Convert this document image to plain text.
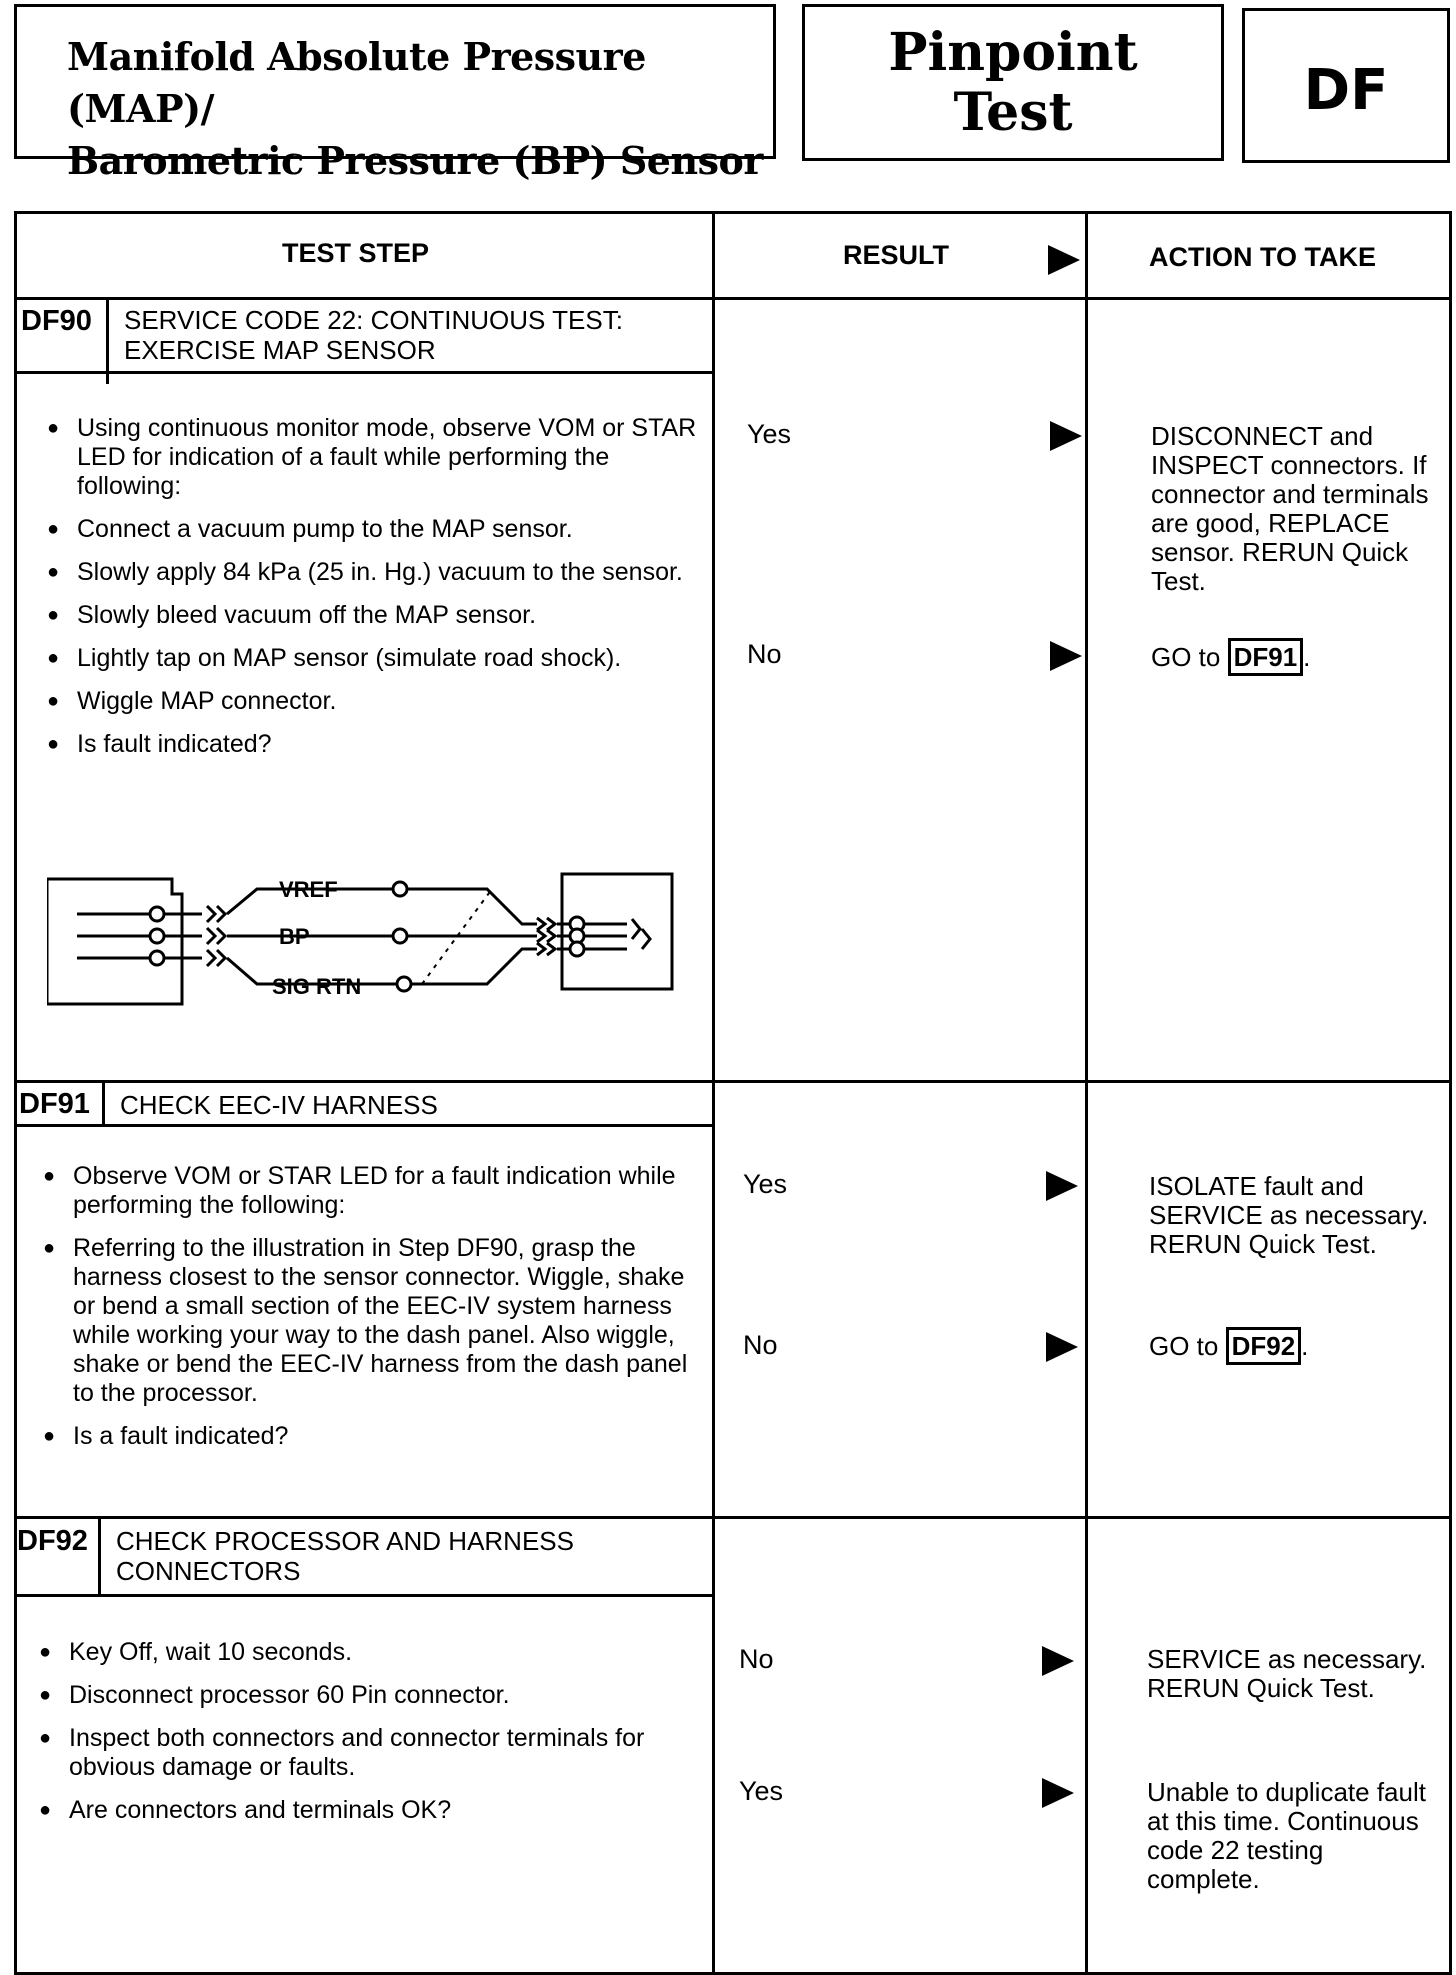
Manifold Absolute Pressure (MAP)/
Barometric Pressure (BP) Sensor
Pinpoint
Test	DF
TEST STEP	RESULT	ACTION TO TAKE
DF90 SERVICE CODE 22: CONTINUOUS TEST:
EXERCISE MAP SENSOR
● Using continuous monitor mode, observe VOM or STAR LED for indication of a fault while performing the following:
● Connect a vacuum pump to the MAP sensor.
● Slowly apply 84 kPa (25 in. Hg.) vacuum to the sensor.
● Slowly bleed vacuum off the MAP sensor.
● Lightly tap on MAP sensor (simulate road shock).
● Wiggle MAP connector.
● Is fault indicated?
VREF
BP
SIG RTN
Yes	DISCONNECT and INSPECT connectors. If connector and terminals are good, REPLACE sensor. RERUN Quick Test.
No	GO to DF91 .
DF91 CHECK EEC-IV HARNESS
● Observe VOM or STAR LED for a fault indication while performing the following:
● Referring to the illustration in Step DF90, grasp the harness closest to the sensor connector. Wiggle, shake or bend a small section of the EEC-IV system harness while working your way to the dash panel. Also wiggle, shake or bend the EEC-IV harness from the dash panel to the processor.
● Is a fault indicated?
Yes	ISOLATE fault and SERVICE as necessary. RERUN Quick Test.
No	GO to DF92 .
DF92 CHECK PROCESSOR AND HARNESS
CONNECTORS
● Key Off, wait 10 seconds.
● Disconnect processor 60 Pin connector.
● Inspect both connectors and connector terminals for obvious damage or faults.
● Are connectors and terminals OK?
No	SERVICE as necessary. RERUN Quick Test.
Yes	Unable to duplicate fault at this time. Continuous code 22 testing complete.
